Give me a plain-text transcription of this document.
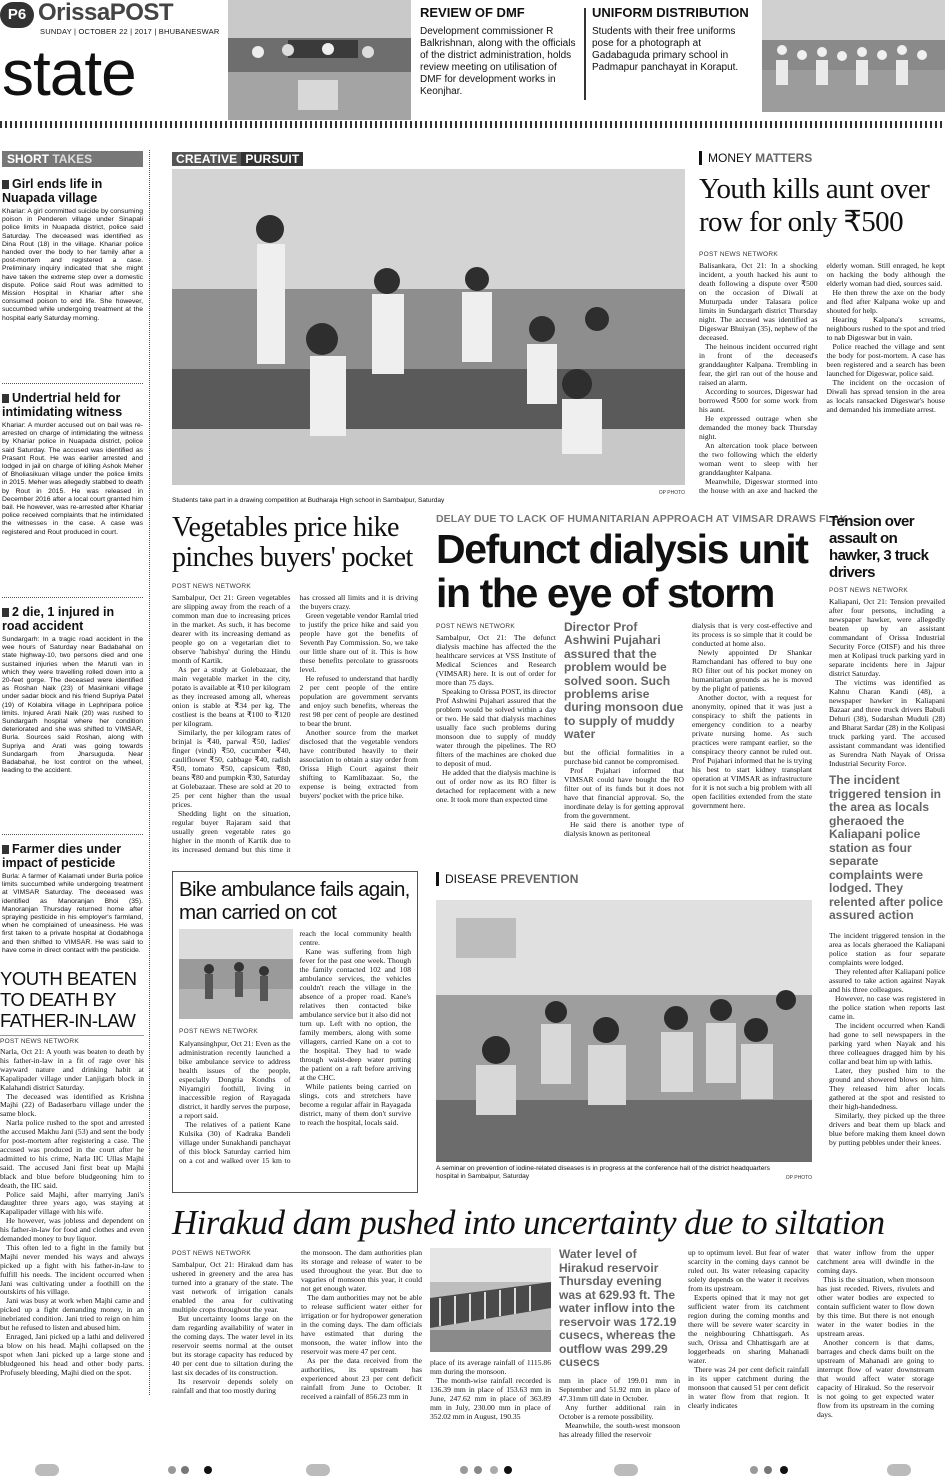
P6 OrissaPOST
SUNDAY | OCTOBER 22 | 2017 | BHUBANESWAR
state
REVIEW OF DMF
Development commissioner R Balkrishnan, along with the officials of the district administration, holds review meeting on utilisation of DMF for development works in Keonjhar.
UNIFORM DISTRIBUTION
Students with their free uniforms pose for a photograph at Gadabaguda primary school in Padmapur panchayat in Koraput.
SHORT TAKES
Girl ends life in Nuapada village
Khariar: A girl committed suicide by consuming poison in Penderen village under Sinapali police limits in Nuapada district, police said Saturday. The deceased was identified as Dina Rout (18) in the village. Khariar police handed over the body to her family after a post-mortem and registered a case. Preliminary inquiry indicated that she might have taken the extreme step over a domestic dispute. Police said Rout was admitted to Mission Hospital in Khariar after she consumed poison to end life. She however, succumbed while undergoing treatment at the hospital early Saturday morning.
Undertrial held for intimidating witness
Khariar: A murder accused out on bail was re-arrested on charge of intimidating the witness by Khariar police in Nuapada district, police said Saturday. The accused was identified as Prasant Rout. He was earlier arrested and lodged in jail on charge of killing Ashok Meher of Bholiasikuan village under the police limits in 2015. Meher was allegedly stabbed to death by Rout in 2015. He was released in December 2016 after a local court granted him bail. He however, was re-arrested after Khariar police received complaints that he intimidated the witnesses in the case. A case was registered and Rout produced in court.
2 die, 1 injured in road accident
Sundargarh: In a tragic road accident in the wee hours of Saturday near Badabahal on state highway-10, two persons died and one sustained injuries when the Maruti van in which they were travelling rolled down into a 20-feet gorge. The deceased were identified as Roshan Naik (23) of Masinkani village under sadar block and his friend Supriya Patel (19) of Kolabira village in Lephripara police limits. Injured Arati Naik (20) was rushed to Sundargarh hospital where her condition deteriorated and she was shifted to VIMSAR, Burla. Sources said Roshan, along with Supriya and Arati was going towards Sundargarh from Jharsuguda. Near Badabahal, he lost control on the wheel, leading to the accident.
Farmer dies under impact of pesticide
Burla: A farmer of Kalamati under Burla police limits succumbed while undergoing treatment at VIMSAR Saturday. The deceased was identified as Manoranjan Bhoi (35). Manoranjan Thursday returned home after spraying pesticide in his employer's farmland, when he complained of uneasiness. He was first taken to a private hospital at Godabhoga and then shifted to VIMSAR. He was said to have come in direct contact with the pesticide.
YOUTH BEATEN TO DEATH BY FATHER-IN-LAW
POST NEWS NETWORK

Narla, Oct 21: A youth was beaten to death by his father-in-law in a fit of rage over his wayward nature and drinking habit at Kapalipader village under Lanjigarh block in Kalahandi district Saturday.

The deceased was identified as Krishna Majhi (22) of Badaserbaru village under the same block.

Narla police rushed to the spot and arrested the accused Makhu Jani (53) and sent the body for post-mortem after registering a case. The accused was produced in the court after he admitted to his crime, Narla IIC Ullas Majhi said. The accused Jani first beat up Majhi black and blue before bludgeoning him to death, the IIC said.

Police said Majhi, after marrying Jani's daughter three years ago, was staying at Kapalipader village with his wife.

He however, was jobless and dependent on his father-in-law for food and clothes and even demanded money to buy liquor.

This often led to a fight in the family but Majhi never mended his ways and always picked up a fight with his father-in-law to fulfill his needs. The incident occurred when Jani was cultivating under a foothill on the outskirts of his village.

Jani was busy at work when Majhi came and picked up a fight demanding money, in an inebriated condition. Jani tried to reign on him but he refused to listen and abused him.

Enraged, Jani picked up a lathi and delivered a blow on his head. Majhi collapsed on the spot when Jani picked up a large stone and bludgeoned his head and other body parts. Profusely bleeding, Majhi died on the spot.

CREATIVE PURSUIT
Students take part in a drawing competition at Budharaja High school in Sambalpur, Saturday
OP PHOTO
MONEY MATTERS
Youth kills aunt over row for only ₹500
POST NEWS NETWORK

Balisankara, Oct 21: In a shocking incident, a youth hacked his aunt to death following a dispute over ₹500 on the occasion of Diwali at Muturpada under Talasara police limits in Sundargarh district Thursday night. The accused was identified as Digeswar Bhuiyan (35), nephew of the deceased.

The heinous incident occurred right in front of the deceased's granddaughter Kalpana. Trembling in fear, the girl ran out of the house and raised an alarm.

According to sources, Digeswar had borrowed ₹500 for some work from his aunt.

He expressed outrage when she demanded the money back Thursday night.

An altercation took place between the two following which the elderly woman went to sleep with her granddaughter Kalpana.

Meanwhile, Digeswar stormed into the house with an axe and hacked the elderly woman. Still enraged, he kept on hacking the body although the elderly woman had died, sources said.

He then threw the axe on the body and fled after Kalpana woke up and shouted for help.

Hearing Kalpana's screams, neighbours rushed to the spot and tried to nab Digeswar but in vain.

Police reached the village and sent the body for post-mortem. A case has been registered and a search has been launched for Digeswar, police said.

The incident on the occasion of Diwali has spread tension in the area as locals ransacked Digeswar's house and demanded his immediate arrest.

Vegetables price hike pinches buyers' pocket
POST NEWS NETWORK

Sambalpur, Oct 21: Green vegetables are slipping away from the reach of a common man due to increasing prices in the market. As such, it has become dearer with its increasing demand as people go on a vegetarian diet to observe 'habishya' during the Hindu month of Kartik.

As per a study at Golebazaar, the main vegetable market in the city, potato is available at ₹10 per kilogram as they increased among all, whereas onion is stable at ₹34 per kg. The costliest is the beans at ₹100 to ₹120 per kilogram.

Similarly, the per kilogram rates of brinjal is ₹40, parwal ₹50, ladies' finger (vindi) ₹50, cucumber ₹40, cauliflower ₹50, cabbage ₹40, radish ₹50, tomato ₹50, capsicum ₹80, beans ₹80 and pumpkin ₹30, Saturday at Golebazaar. These are sold at 20 to 25 per cent higher than the usual prices.

Shedding light on the situation, regular buyer Rajaram said that usually green vegetable rates go higher in the month of Kartik due to its increased demand but this time it has crossed all limits and it is driving the buyers crazy.

Green vegetable vendor Ramlal tried to justify the price hike and said you people have got the benefits of Seventh Pay Commission. So, we take our little share out of it. This is how these benefits percolate to grassroots level.

He refused to understand that hardly 2 per cent people of the entire population are government servants and enjoy such benefits, whereas the rest 98 per cent of people are destined to bear the brunt.

Another source from the market disclosed that the vegetable vendors have contributed heavily to their association to obtain a stay order from Orissa High Court against their shifting to Kamlibazaar. So, the expense is being extracted from buyers' pocket with the price hike.

DELAY DUE TO LACK OF HUMANITARIAN APPROACH AT VIMSAR DRAWS FLAK
Defunct dialysis unit in the eye of storm
POST NEWS NETWORK

Sambalpur, Oct 21: The defunct dialysis machine has affected the the healthcare services at VSS Institute of Medical Sciences and Research (VIMSAR) here. It is out of order for more than 75 days.

Speaking to Orissa POST, its director Prof Ashwini Pujahari assured that the problem would be solved within a day or two. He said that dialysis machines usually face such problems during monsoon due to supply of muddy water through the pipelines. The RO filters of the machines are choked due to deposit of mud.

He added that the dialysis machine is out of order now as its RO filter is detached for replacement with a new one. It took more than expected time

Director Prof Ashwini Pujahari assured that the problem would be solved soon. Such problems arise during monsoon due to supply of muddy water

but the official formalities in a purchase bid cannot be compromised.

Prof Pujahari informed that VIMSAR could have bought the RO filter out of its funds but it does not have that financial approval. So, the inordinate delay is for getting approval from the government.

He said there is another type of dialysis known as peritoneal

dialysis that is very cost-effective and its process is so simple that it could be conducted at home also.

Newly appointed Dr Shankar Ramchandani has offered to buy one RO filter out of his pocket money on humanitarian grounds as he is moved by the plight of patients.

Another doctor, with a request for anonymity, opined that it was just a conspiracy to shift the patients in emergency condition to a nearby private nursing home. As such practices were rampant earlier, so the conspiracy theory cannot be ruled out. Prof Pujahari informed that he is trying his best to start kidney transplant operation at VIMSAR as infrastructure for it is not such a big problem with all open facilities extended from the state government here.

Tension over assault on hawker, 3 truck drivers
POST NEWS NETWORK

Kaliapani, Oct 21: Tension prevailed after four persons, including a newspaper hawker, were allegedly beaten up by an assistant commandant of Orissa Industrial Security Force (OISF) and his three men at Kolipasi truck parking yard in separate incidents here in Jajpur district Saturday.

The victims was identified as Kahnu Charan Kandi (48), a newspaper hawker in Kaliapani Bazaar and three truck drivers Babuli Dehuri (38), Sudarshan Muduli (28) and Bharat Sardar (28) in the Kolipasi truck parking yard. The accused assistant commandant was identified as Surendra Nath Nayak of Orissa Industrial Security Force.

The incident triggered tension in the area as locals gheraoed the Kaliapani police station as four separate complaints were lodged. They relented after police assured action

The incident triggered tension in the area as locals gheraoed the Kaliapani police station as four separate complaints were lodged.

They relented after Kaliapani police assured to take action against Nayak and his three colleagues.

However, no case was registered in the police station when reports last came in.

The incident occurred when Kandi had gone to sell newspapers in the parking yard when Nayak and his three colleagues dragged him by his collar and beat him up with lathis.

Later, they pushed him to the ground and showered blows on him. They released him after locals gathered at the spot and resisted to their high-handedness.

Similarly, they picked up the three drivers and beat them up black and blue before making them kneel down by putting pebbles under their knees.

Bike ambulance fails again, man carried on cot
POST NEWS NETWORK

Kalyansinghpur, Oct 21: Even as the administration recently launched a bike ambulance service to address health issues of the people, especially Dongria Kondhs of Niyamgiri foothill, living in inaccessible region of Rayagada district, it hardly serves the purpose, a report said.

The relatives of a patient Kane Kulsika (30) of Kadraka Bandeli village under Sunakhandi panchayat of this block Saturday carried him on a cot and walked over 15 km to reach the local community health centre.

Kane was suffering from high fever for the past one week. Though the family contacted 102 and 108 ambulance services, the vehicles couldn't reach the village in the absence of a proper road. Kane's relatives then contacted bike ambulance service but it also did not turn up. Left with no option, the family members, along with some villagers, carried Kane on a cot to the hospital. They had to wade through waist-deep water putting the patient on a raft before arriving at the CHC.

While patients being carried on slings, cots and stretchers have become a regular affair in Rayagada district, many of them don't survive to reach the hospital, locals said.

DISEASE PREVENTION
A seminar on prevention of iodine-related diseases is in progress at the conference hall of the district headquarters hospital in Sambalpur, Saturday	OP PHOTO
Hirakud dam pushed into uncertainty due to siltation
POST NEWS NETWORK

Sambalpur, Oct 21: Hirakud dam has ushered in greenery and the area has turned into a granary of the state. The vast network of irrigation canals enabled the area for cultivating multiple crops throughout the year.

But uncertainty looms large on the dam regarding availability of water in the coming days. The water level in its reservoir seems normal at the outset but its storage capacity has reduced by 40 per cent due to siltation during the last six decades of its construction.

Its reservoir depends solely on rainfall and that too mostly during

the monsoon. The dam authorities plan its storage and release of water to be used throughout the year. But due to vagaries of monsoon this year, it could not get enough water.

The dam authorities may not be able to release sufficient water either for irrigation or for hydropower generation in the coming days. The dam officials have estimated that during the monsoon, the water inflow into the reservoir was mere 47 per cent.

As per the data received from the authorities, its upstream has experienced about 23 per cent deficit rainfall from June to October. It received a rainfall of 856.23 mm in

place of its average rainfall of 1115.86 mm during the monsoon.

The month-wise rainfall recorded is 136.39 mm in place of 153.63 mm in June, 247.62 mm in place of 363.89 mm in July, 230.00 mm in place of 352.02 mm in August, 190.35

Water level of Hirakud reservoir Thursday evening was at 629.93 ft. The water inflow into the reservoir was 172.19 cusecs, whereas the outflow was 299.29 cusecs

mm in place of 199.01 mm in September and 51.92 mm in place of 47.31mm till date in October.

Any further additional rain in October is a remote possibility.

Meanwhile, the south-west monsoon has already filled the reservoir

up to optimum level. But fear of water scarcity in the coming days cannot be ruled out. Its water releasing capacity solely depends on the water it receives from its upstream.

Experts opined that it may not get sufficient water from its catchment region during the coming months and there will be severe water scarcity in the neighbouring Chhattisgarh. As such, Orissa and Chhattisgarh are at loggerheads on sharing Mahanadi water.

There was 24 per cent deficit rainfall in its upper catchment during the monsoon that caused 51 per cent deficit in water flow from that region. It clearly indicates

that water inflow from the upper catchment area will dwindle in the coming days.

This is the situation, when monsoon has just receded. Rivers, rivulets and other water bodies are expected to contain sufficient water to flow down by this time. But there is not enough water in the water bodies in the upstream areas.

Another concern is that dams, barrages and check dams built on the upstream of Mahanadi are going to interrupt flow of water downstream that would affect water storage capacity of Hirakud. So the reservoir is not going to get expected water flow from its upstream in the coming days.
